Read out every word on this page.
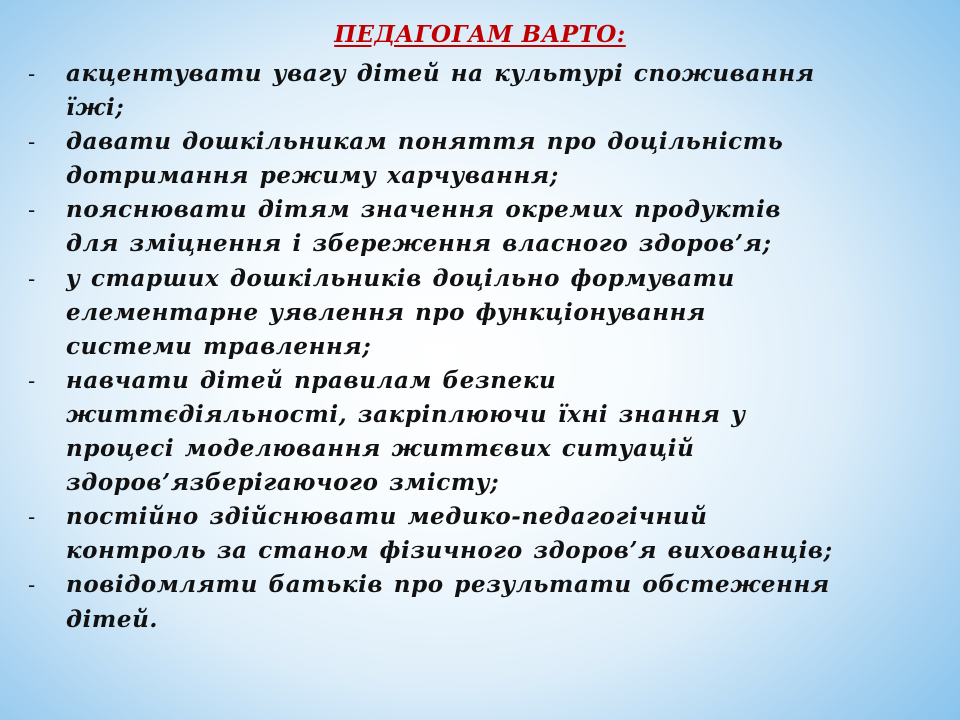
ПЕДАГОГАМ ВАРТО:
- акцентувати увагу дітей на культурі споживання
їжі;
- давати дошкільникам поняття про доцільність
дотримання режиму харчування;
- пояснювати дітям значення окремих продуктів
для зміцнення і збереження власного здоров’я;
- у старших дошкільників доцільно формувати
елементарне уявлення про функціонування
системи травлення;
- навчати дітей правилам безпеки
життєдіяльності, закріплюючи їхні знання у
процесі моделювання життєвих ситуацій
здоров’язберігаючого змісту;
- постійно здійснювати медико-педагогічний
контроль за станом фізичного здоров’я вихованців;
- повідомляти батьків про результати обстеження
дітей.
